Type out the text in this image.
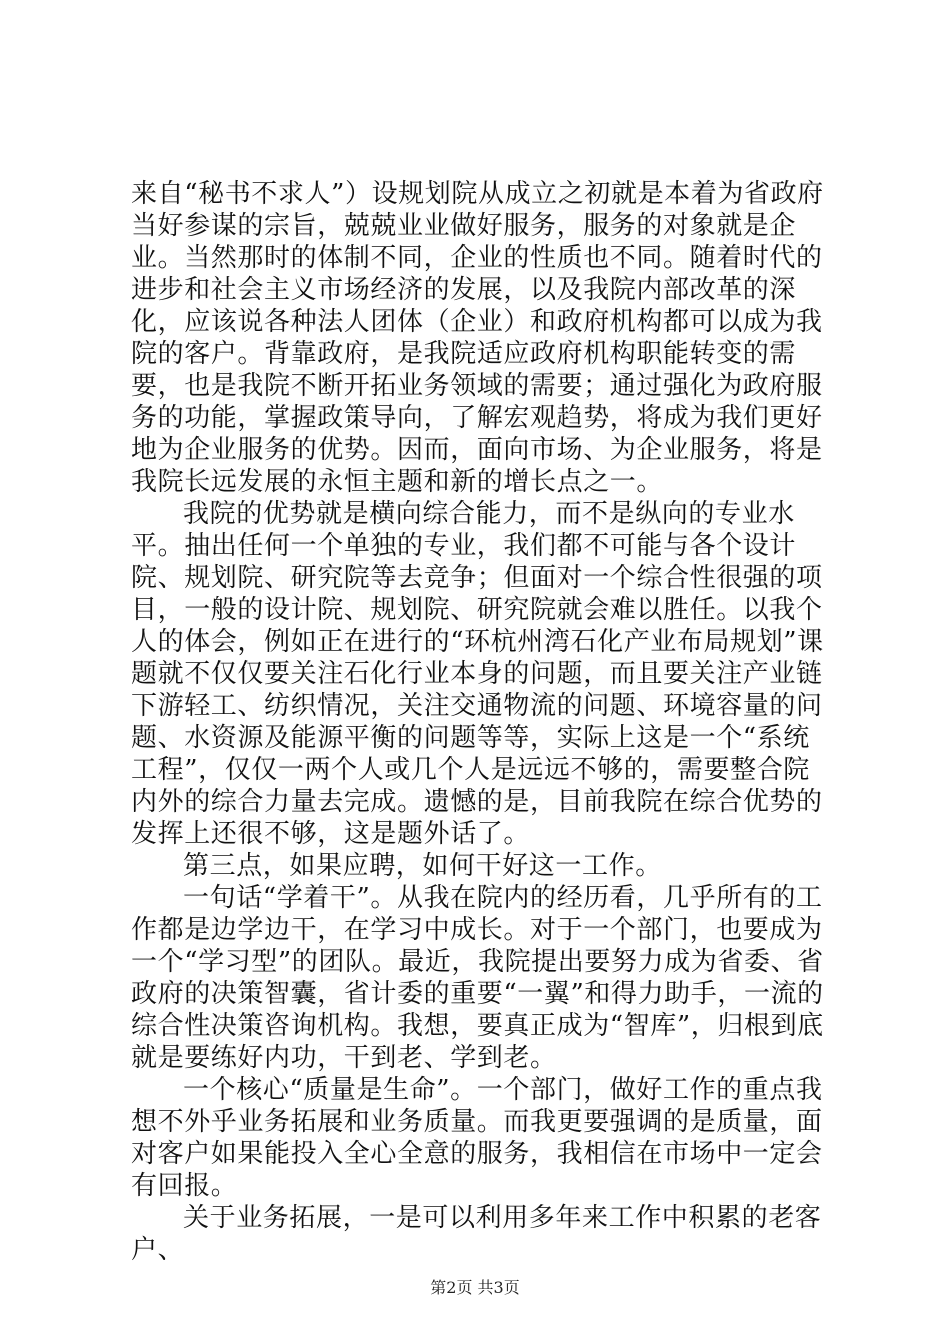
来自“秘书不求人”）设规划院从成立之初就是本着为省政府当好参谋的宗旨，兢兢业业做好服务，服务的对象就是企业。当然那时的体制不同，企业的性质也不同。随着时代的进步和社会主义市场经济的发展，以及我院内部改革的深化，应该说各种法人团体（企业）和政府机构都可以成为我院的客户。背靠政府，是我院适应政府机构职能转变的需要，也是我院不断开拓业务领域的需要；通过强化为政府服务的功能，掌握政策导向，了解宏观趋势，将成为我们更好地为企业服务的优势。因而，面向市场、为企业服务，将是我院长远发展的永恒主题和新的增长点之一。

我院的优势就是横向综合能力，而不是纵向的专业水平。抽出任何一个单独的专业，我们都不可能与各个设计院、规划院、研究院等去竞争；但面对一个综合性很强的项目，一般的设计院、规划院、研究院就会难以胜任。以我个人的体会，例如正在进行的“环杭州湾石化产业布局规划”课题就不仅仅要关注石化行业本身的问题，而且要关注产业链下游轻工、纺织情况，关注交通物流的问题、环境容量的问题、水资源及能源平衡的问题等等，实际上这是一个“系统工程”，仅仅一两个人或几个人是远远不够的，需要整合院内外的综合力量去完成。遗憾的是，目前我院在综合优势的发挥上还很不够，这是题外话了。

第三点，如果应聘，如何干好这一工作。

一句话“学着干”。从我在院内的经历看，几乎所有的工作都是边学边干，在学习中成长。对于一个部门，也要成为一个“学习型”的团队。最近，我院提出要努力成为省委、省政府的决策智囊，省计委的重要“一翼”和得力助手，一流的综合性决策咨询机构。我想，要真正成为“智库”，归根到底就是要练好内功，干到老、学到老。

一个核心“质量是生命”。一个部门，做好工作的重点我想不外乎业务拓展和业务质量。而我更要强调的是质量，面对客户如果能投入全心全意的服务，我相信在市场中一定会有回报。

关于业务拓展，一是可以利用多年来工作中积累的老客户、

第2页 共3页
